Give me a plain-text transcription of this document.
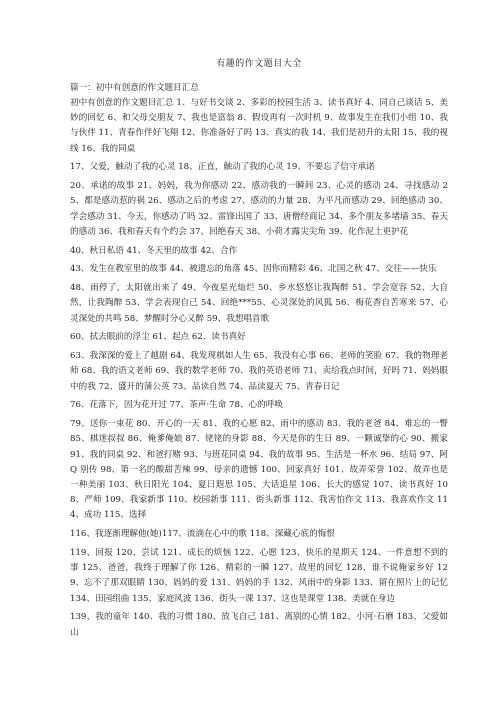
有趣的作文题目大全
篇一：初中有创意的作文题目汇总

初中有创意的作文题目汇总 1、与好书交谈 2、多彩的校园生活 3、读书真好 4、同自己谈话 5、美妙的回忆 6、和父母交朋友 7、我也是富翁 8、假设再有一次时机 9、故事发生在我们小组 10、我与伙伴 11、青春作伴好飞翔 12、你准备好了吗 13、真实的我 14、我们是初升的太阳 15、我的视线 16、我的同桌

17、父爱，触动了我的心灵 18、正直，触动了我的心灵 19、不要忘了信守承诺

20、承诺的故事 21、妈妈，我为你感动 22、感动我的一瞬间 23、心灵的感动 24、寻找感动 25、都是感动惹的祸 26、感动之后的考虑 27、感动的力量 28、为平凡而感动 29、回绝感动 30、学会感动 31、今天，你感动了吗 32、雷锋出国了 33、唐僧经商记 34、多个朋友多堵墙 35、春天的感动 36、我和春天有个约会 37、回绝春天 38、小荷才露尖尖角 39、化作泥土更护花

40、秋日私语 41、冬天里的故事 42、合作

43、发生在教室里的故事 44、被遗忘的角落 45、因你而精彩 46、北国之秋 47、交往——快乐

48、雨停了，太阳就出来了 49、今夜星光灿烂 50、乡水悠悠让我陶醉 51、学会宽容 52、大自然，让我陶醉 53、学会表现自己 54、回绝***55、心灵深处的风狐 56、梅花香自苦寒来 57、心灵深处的共鸣 58、梦醒时分心又醉 59、我想唱首歌

60、拭去眼前的浮尘 61、起点 62、读书真好

63、我深深的爱上了越剧 64、我发现棋如人生 65、我没有心事 66、老师的笑脸 67、我的物理老师 68、我的语文老师 69、我的数学老师 70、我的英语老师 71、卖给我点时间，好吗 71、妈妈眼中的我 72、盛开的蒲公英 73、品读自然 74、品读夏天 75、青春日记

76、花落下，因为花开过 77、茶声·生命 78、心的呼唤

79、送你一束花 80、开心的一天 81、我的心愿 82、雨中的感动 83、我的老爸 84、难忘的一瞥 85、棋迷叔叔 86、俺爹俺娘 87、铑铑的身影 88、今天是你的生日 89、一颗诚挚的心 90、搬家 91、我的同桌 92、和爸打赌 93、与班花同桌 94、我的故事 95、生活是一杯水 96、结局 97、阿 Q 别传 98、第一名的酸甜苦辣 99、母亲的遗憾 100、回家真好 101、故弄荣誉 102、故弄也是一种美丽 103、秋日阳光 104、夏日遐思 105、大话追星 106、长大的感觉 107、读书真好 108、严师 109、我家新事 110、校园新事 111、街头新事 112、我害怕作文 113、我喜欢作文 114、成功 115、选择

116、我逐渐理解他(她)117、流淌在心中的歌 118、深藏心底的悔恨

119、回报 120、尝试 121、成长的烦恼 122、心愿 123、快乐的星期天 124、一件意想不到的事 125、爸爸，我终于理解了你 126、精彩的一瞬 127、故里的回忆 128、谁不说俺家乡好 129、忘不了那双眼睛 130、妈妈的爱 131、妈妈的手 132、风雨中的身影 133、留在照片上的记忆 134、田园组曲 135、家庭风波 136、街头一课 137、这也是课堂 138、美就在身边

139、我的童年 140、我的习惯 180、放飞自己 181、离别的心情 182、小河·石磨 183、父爱如山
